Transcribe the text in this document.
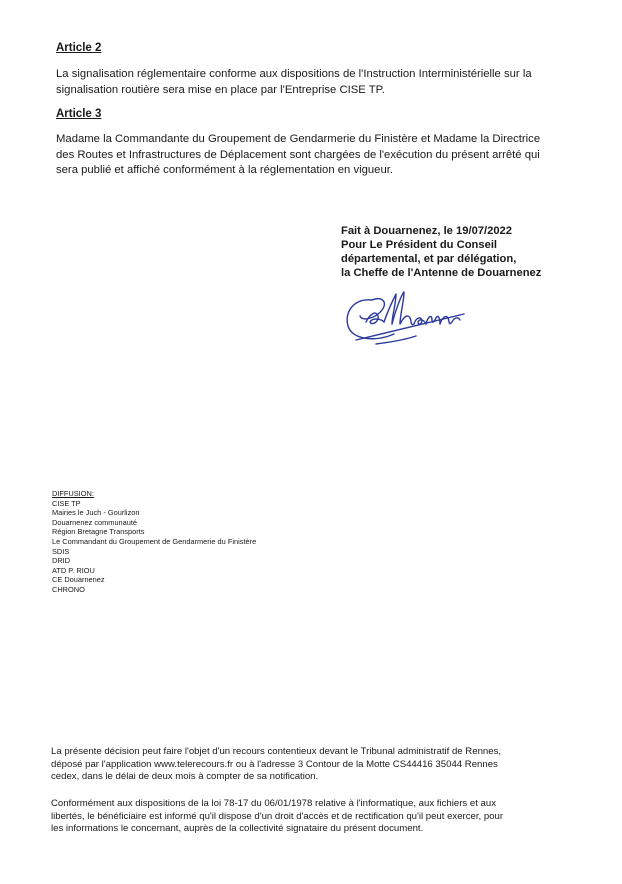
Article 2
La signalisation réglementaire conforme aux dispositions de l'Instruction Interministérielle sur la
signalisation routière sera mise en place par l'Entreprise CISE TP.
Article 3
Madame la Commandante du Groupement de Gendarmerie du Finistère et Madame la Directrice
des Routes et Infrastructures de Déplacement sont chargées de l'exécution du présent arrêté qui
sera publié et affiché conformément à la réglementation en vigueur.
Fait à Douarnenez, le 19/07/2022
Pour Le Président du Conseil
départemental, et par délégation,
la Cheffe de l'Antenne de Douarnenez
DIFFUSION:
CISE TP
Mairies le Juch - Gourlizon
Douarnenez communauté
Région Bretagne Transports
Le Commandant du Groupement de Gendarmerie du Finistère
SDIS
DRID
ATD P. RIOU
CE Douarnenez
CHRONO
La présente décision peut faire l'objet d'un recours contentieux devant le Tribunal administratif de Rennes,
déposé par l'application www.telerecours.fr ou à l'adresse 3 Contour de la Motte CS44416 35044 Rennes
cedex, dans le délai de deux mois à compter de sa notification.
Conformément aux dispositions de la loi 78-17 du 06/01/1978 relative à l'informatique, aux fichiers et aux
libertés, le bénéficiaire est informé qu'il dispose d'un droit d'accès et de rectification qu'il peut exercer, pour
les informations le concernant, auprès de la collectivité signataire du présent document.
